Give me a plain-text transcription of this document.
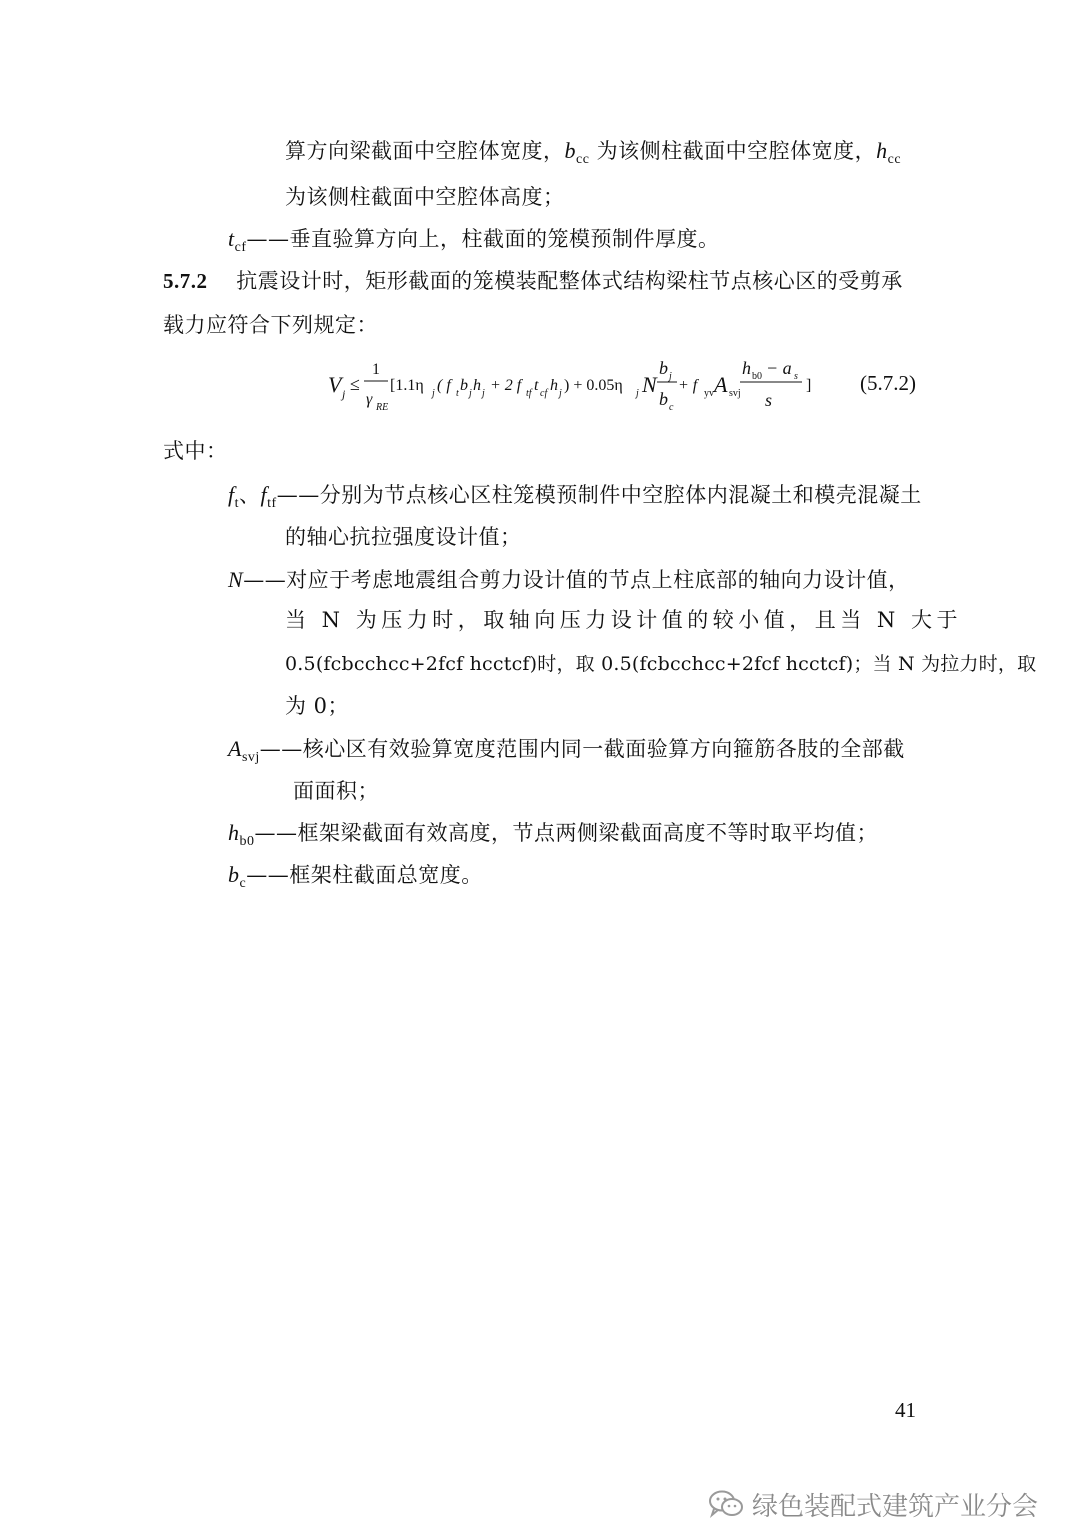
算方向梁截面中空腔体宽度，$b_{cc}$ 为该侧柱截面中空腔体宽度，$h_{cc}$
为该侧柱截面中空腔体高度；
$t_{cf}——$垂直验算方向上，柱截面的笼模预制件厚度。
5.7.2 抗震设计时，矩形截面的笼模装配整体式结构梁柱节点核心区的受剪承
载力应符合下列规定：
V j ≤
1
γ RE
[1.1η j ( f t b j h j + 2 f tf t cf h j ) + 0.05η j N
b j
b c
+ f yv A svj
h b0 − a s
s
] (5.7.2)
式中：
$f_t$、$f_{tf}——$分别为节点核心区柱笼模预制件中空腔体内混凝土和模壳混凝土
的轴心抗拉强度设计值；
N——对应于考虑地震组合剪力设计值的节点上柱底部的轴向力设计值，
当 N 为压力时，取轴向压力设计值的较小值，且当 N 大于
0.5(fcbcchcc+2fcf hcctcf)时，取 0.5(fcbcchcc+2fcf hcctcf)；当 N 为拉力时，取
为 0；
$A_{svj}——$核心区有效验算宽度范围内同一截面验算方向箍筋各肢的全部截
面面积；
$h_{b0}——$框架梁截面有效高度，节点两侧梁截面高度不等时取平均值；
$b_c——$框架柱截面总宽度。
41
绿色装配式建筑产业分会
